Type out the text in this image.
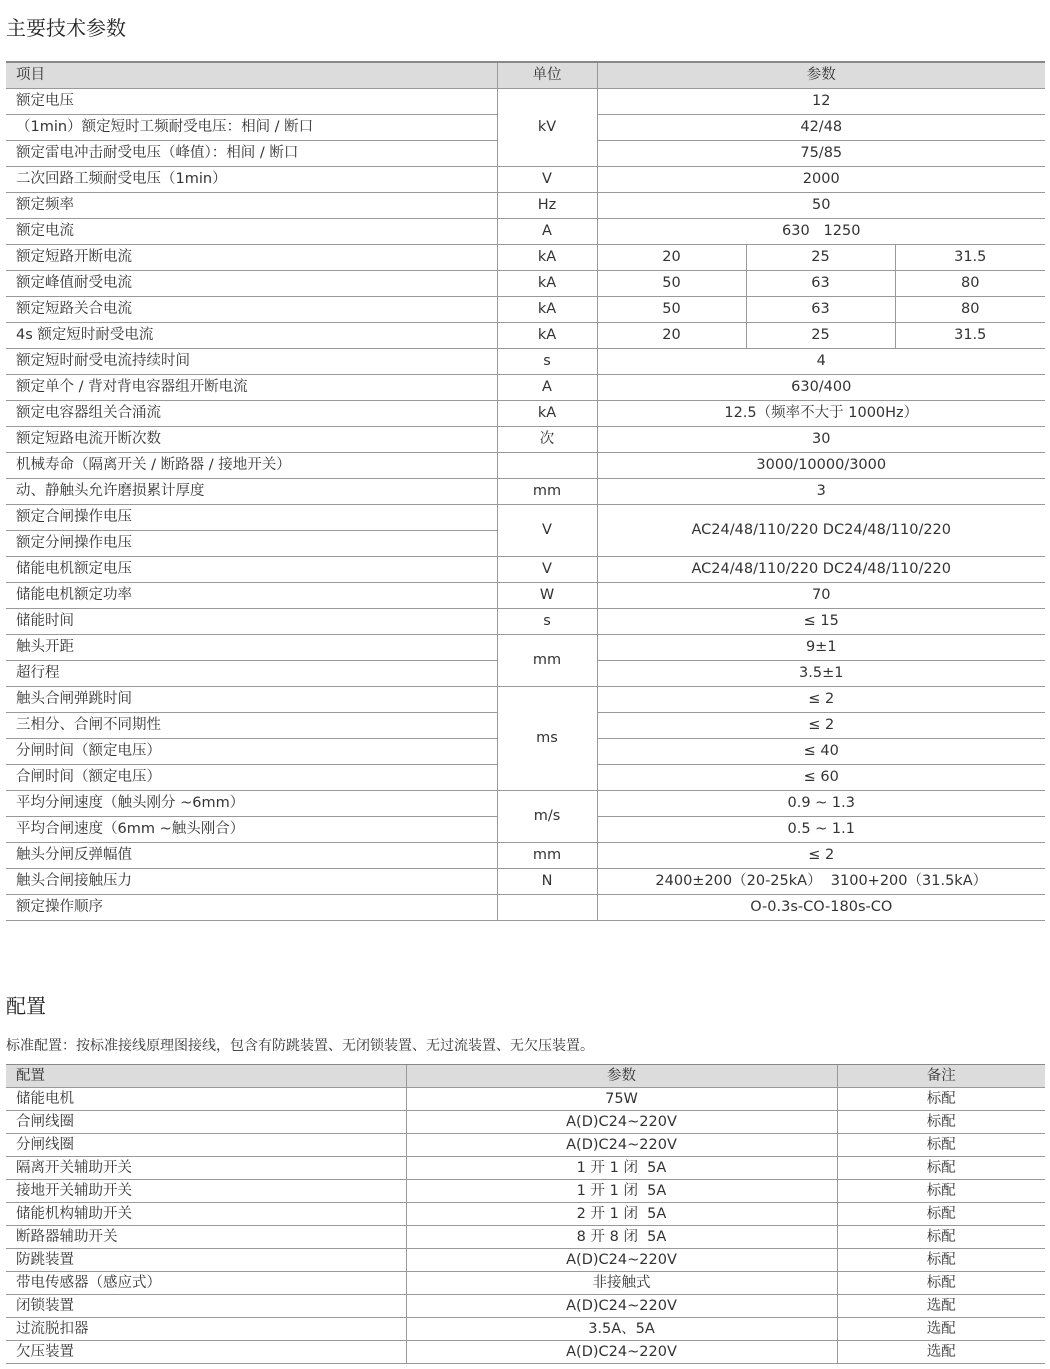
主要技术参数
项目	单位	参数		
额定电压	kV	12		
（1min）额定短时工频耐受电压：相间 / 断口		42/48		
额定雷电冲击耐受电压（峰值）：相间 / 断口		75/85		
二次回路工频耐受电压（1min）	V	2000		
额定频率	Hz	50		
额定电流	A	630   1250		
额定短路开断电流	kA	20	25	31.5
额定峰值耐受电流	kA	50	63	80
额定短路关合电流	kA	50	63	80
4s 额定短时耐受电流	kA	20	25	31.5
额定短时耐受电流持续时间	s	4		
额定单个 / 背对背电容器组开断电流	A	630/400		
额定电容器组关合涌流	kA	12.5（频率不大于 1000Hz）		
额定短路电流开断次数	次	30		
机械寿命（隔离开关 / 断路器 / 接地开关）		3000/10000/3000		
动、静触头允许磨损累计厚度	mm	3		
额定合闸操作电压	V	AC24/48/110/220 DC24/48/110/220		
额定分闸操作电压				
储能电机额定电压	V	AC24/48/110/220 DC24/48/110/220		
储能电机额定功率	W	70		
储能时间	s	≤ 15		
触头开距	mm	9±1		
超行程		3.5±1		
触头合闸弹跳时间	ms	≤ 2		
三相分、合闸不同期性		≤ 2		
分闸时间（额定电压）		≤ 40		
合闸时间（额定电压）		≤ 60		
平均分闸速度（触头刚分 ~6mm）	m/s	0.9 ~ 1.3		
平均合闸速度（6mm ~触头刚合）		0.5 ~ 1.1		
触头分闸反弹幅值	mm	≤ 2		
触头合闸接触压力	N	2400±200（20-25kA）  3100+200（31.5kA）		
额定操作顺序		O-0.3s-CO-180s-CO		
配置

标准配置：按标准接线原理图接线，包含有防跳装置、无闭锁装置、无过流装置、无欠压装置。

配置	参数	备注
储能电机	75W	标配
合闸线圈	A(D)C24~220V	标配
分闸线圈	A(D)C24~220V	标配
隔离开关辅助开关	1 开 1 闭  5A	标配
接地开关辅助开关	1 开 1 闭  5A	标配
储能机构辅助开关	2 开 1 闭  5A	标配
断路器辅助开关	8 开 8 闭  5A	标配
防跳装置	A(D)C24~220V	标配
带电传感器（感应式）	非接触式	标配
闭锁装置	A(D)C24~220V	选配
过流脱扣器	3.5A、5A	选配
欠压装置	A(D)C24~220V	选配
